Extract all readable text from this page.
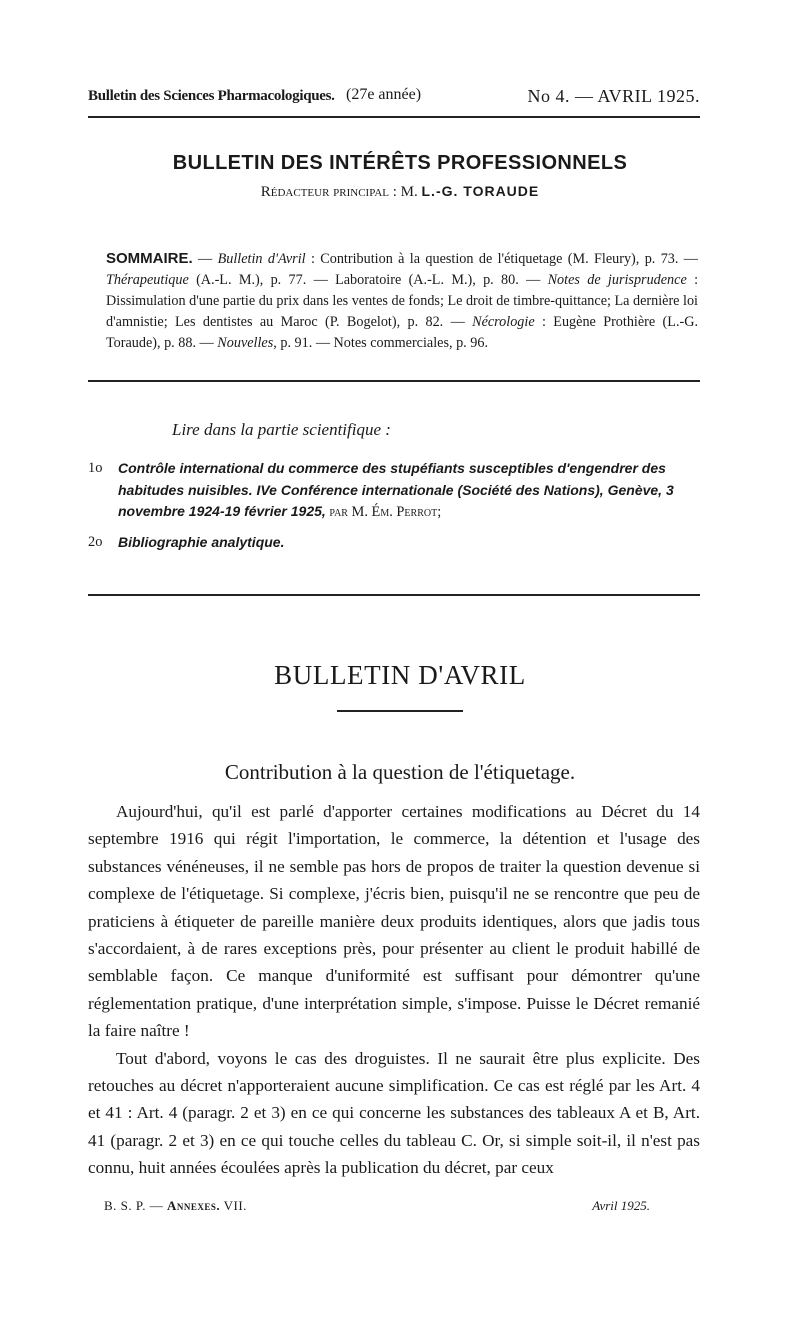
Bulletin des Sciences Pharmacologiques. (27e année)	No 4. — AVRIL 1925.
BULLETIN DES INTÉRÊTS PROFESSIONNELS
Rédacteur principal : M. L.-G. TORAUDE
SOMMAIRE. — Bulletin d'Avril : Contribution à la question de l'étiquetage (M. Fleury), p. 73. — Thérapeutique (A.-L. M.), p. 77. — Laboratoire (A.-L. M.), p. 80. — Notes de jurisprudence : Dissimulation d'une partie du prix dans les ventes de fonds; Le droit de timbre-quittance; La dernière loi d'amnistie; Les dentistes au Maroc (P. Bogelot), p. 82. — Nécrologie : Eugène Prothière (L.-G. Toraude), p. 88. — Nouvelles, p. 91. — Notes commerciales, p. 96.
Lire dans la partie scientifique :
1o Contrôle international du commerce des stupéfiants susceptibles d'engendrer des habitudes nuisibles. IVe Conférence internationale (Société des Nations), Genève, 3 novembre 1924-19 février 1925, par M. Ém. Perrot;
2o Bibliographie analytique.
BULLETIN D'AVRIL
Contribution à la question de l'étiquetage.

Aujourd'hui, qu'il est parlé d'apporter certaines modifications au Décret du 14 septembre 1916 qui régit l'importation, le commerce, la détention et l'usage des substances vénéneuses, il ne semble pas hors de propos de traiter la question devenue si complexe de l'étiquetage. Si complexe, j'écris bien, puisqu'il ne se rencontre que peu de praticiens à étiqueter de pareille manière deux produits identiques, alors que jadis tous s'accordaient, à de rares exceptions près, pour présenter au client le produit habillé de semblable façon. Ce manque d'uniformité est suffisant pour démontrer qu'une réglementation pratique, d'une interprétation simple, s'impose. Puisse le Décret remanié la faire naître !

Tout d'abord, voyons le cas des droguistes. Il ne saurait être plus explicite. Des retouches au décret n'apporteraient aucune simplification. Ce cas est réglé par les Art. 4 et 41 : Art. 4 (paragr. 2 et 3) en ce qui concerne les substances des tableaux A et B, Art. 41 (paragr. 2 et 3) en ce qui touche celles du tableau C. Or, si simple soit-il, il n'est pas connu, huit années écoulées après la publication du décret, par ceux

B. S. P. — Annexes. VII.	Avril 1925.
